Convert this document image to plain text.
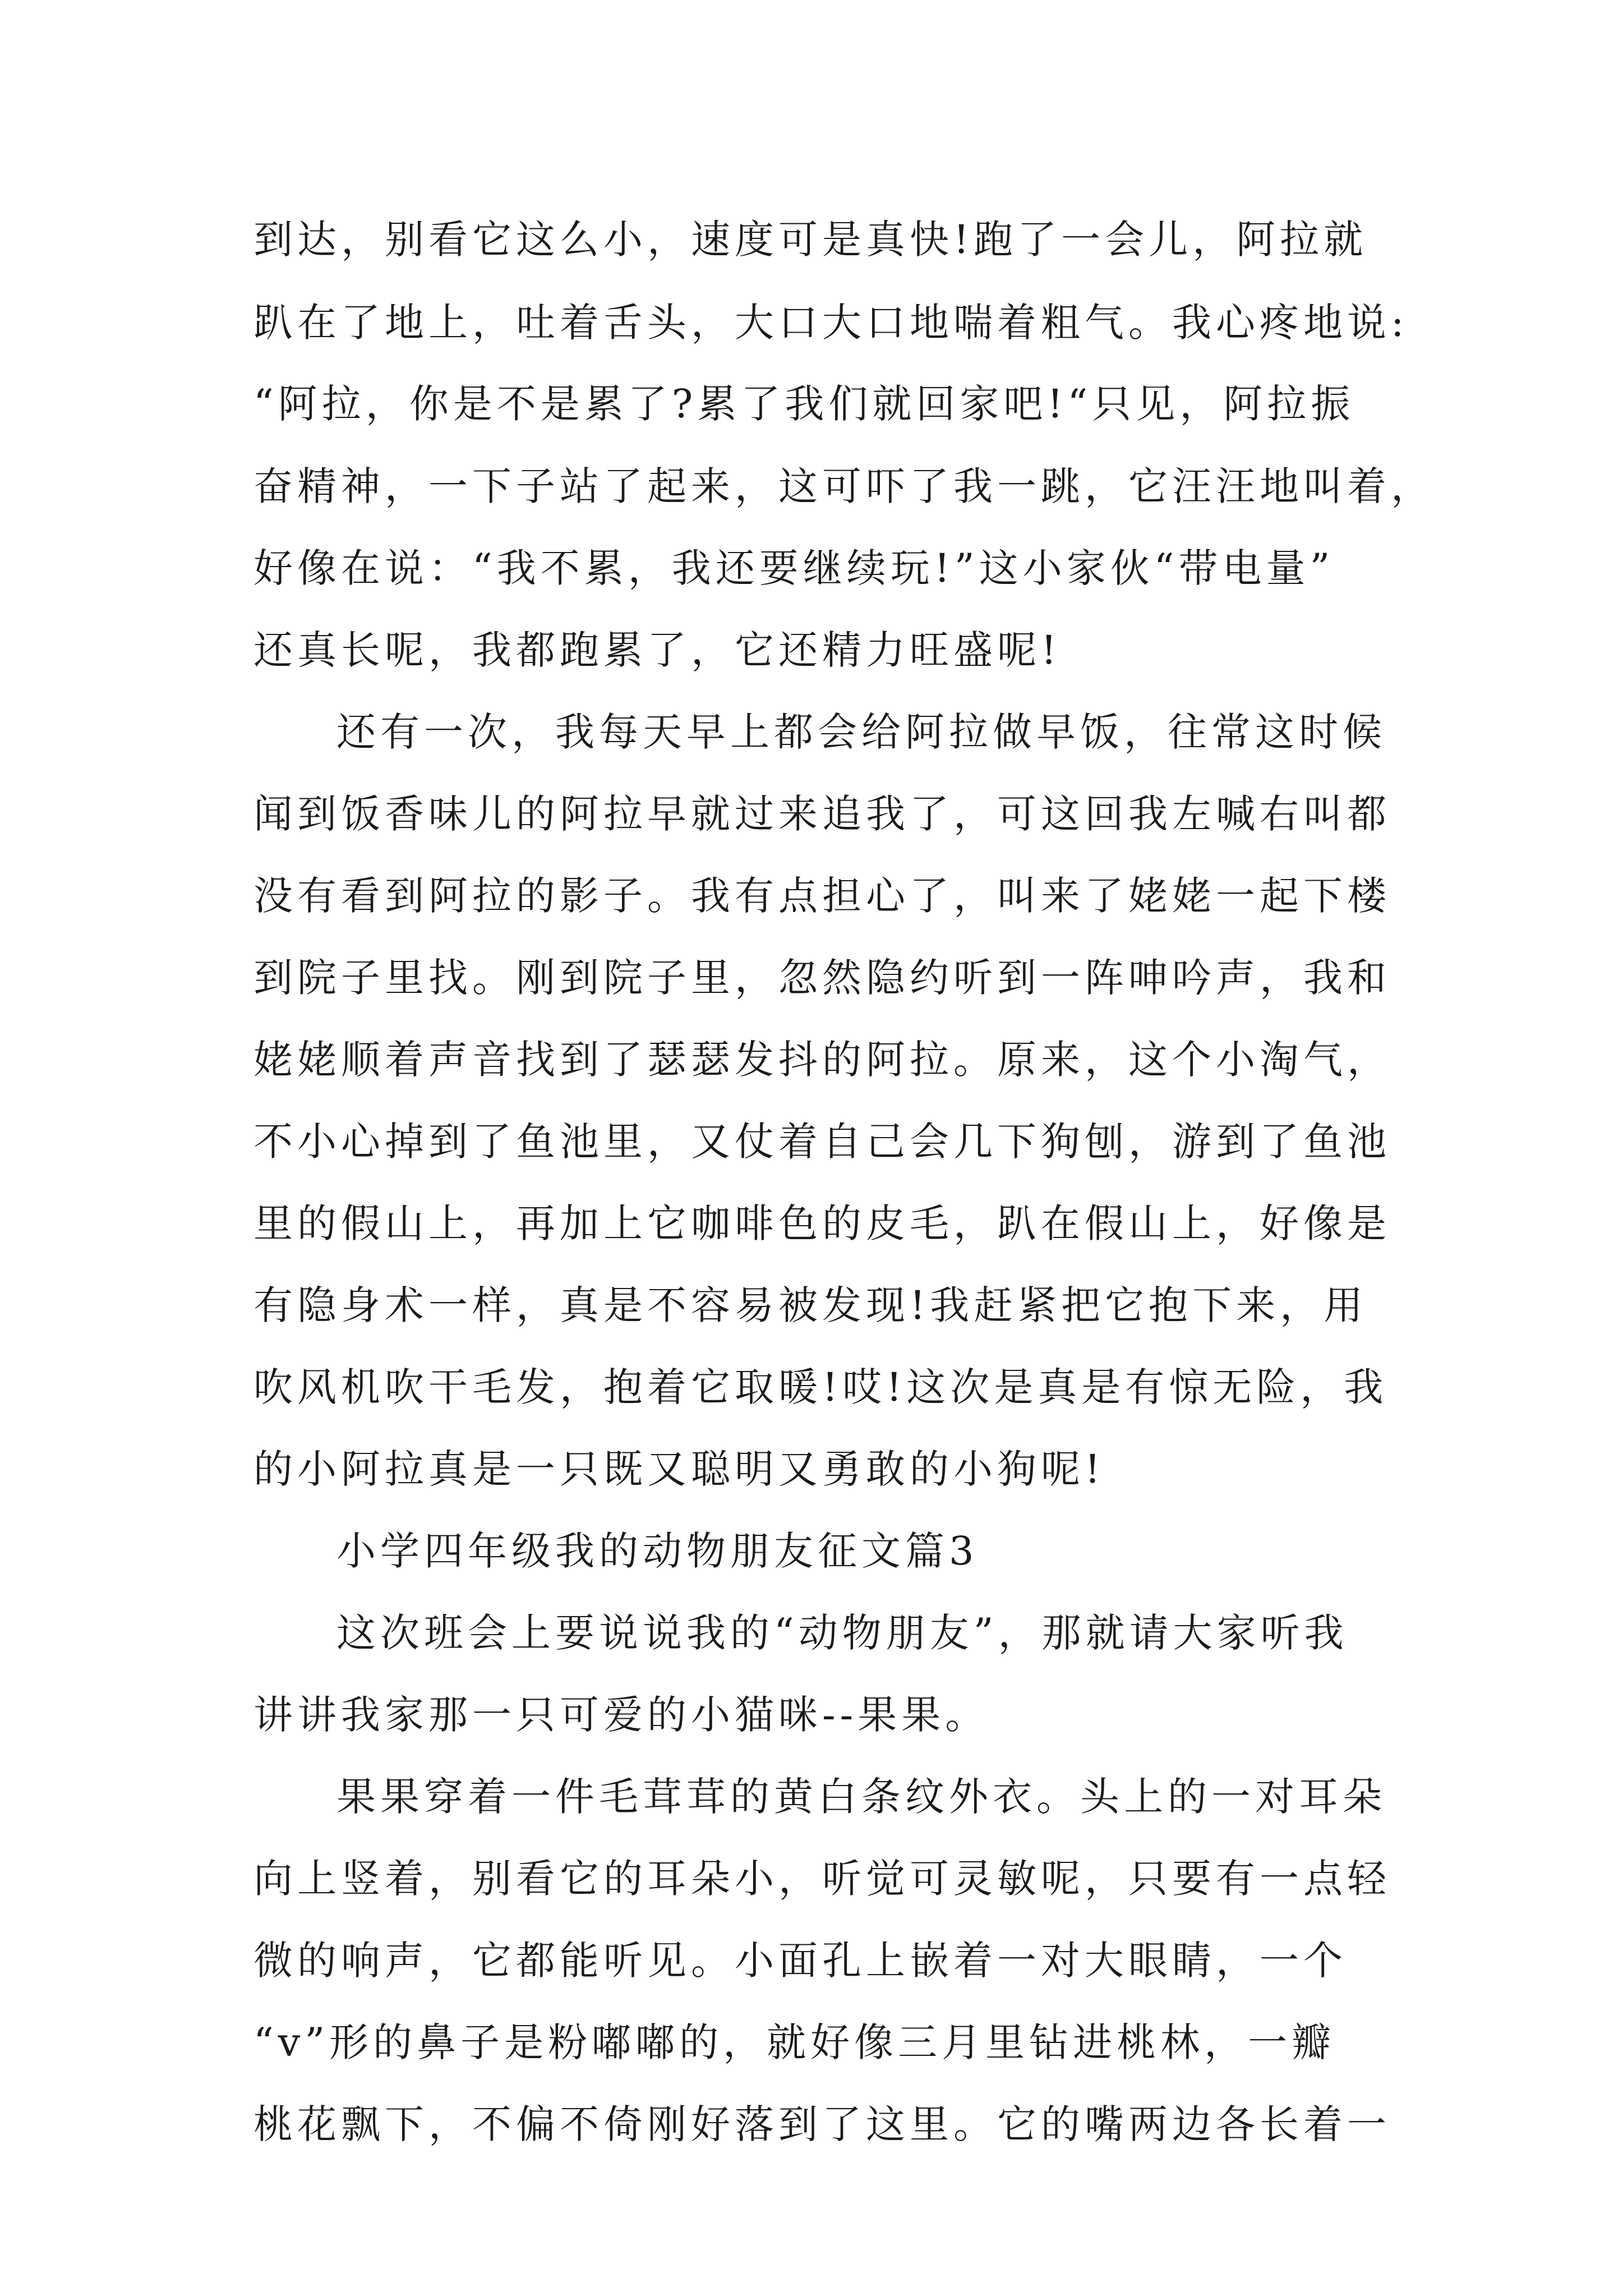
到达，别看它这么小，速度可是真快!跑了一会儿，阿拉就
趴在了地上，吐着舌头，大口大口地喘着粗气。我心疼地说:
“阿拉，你是不是累了?累了我们就回家吧!“只见，阿拉振
奋精神，一下子站了起来，这可吓了我一跳，它汪汪地叫着，
好像在说：“我不累，我还要继续玩!”这小家伙“带电量”
还真长呢，我都跑累了，它还精力旺盛呢!
还有一次，我每天早上都会给阿拉做早饭，往常这时候
闻到饭香味儿的阿拉早就过来追我了，可这回我左喊右叫都
没有看到阿拉的影子。我有点担心了，叫来了姥姥一起下楼
到院子里找。刚到院子里，忽然隐约听到一阵呻吟声，我和
姥姥顺着声音找到了瑟瑟发抖的阿拉。原来，这个小淘气，
不小心掉到了鱼池里，又仗着自己会几下狗刨，游到了鱼池
里的假山上，再加上它咖啡色的皮毛，趴在假山上，好像是
有隐身术一样，真是不容易被发现!我赶紧把它抱下来，用
吹风机吹干毛发，抱着它取暖!哎!这次是真是有惊无险，我
的小阿拉真是一只既又聪明又勇敢的小狗呢!
小学四年级我的动物朋友征文篇3
这次班会上要说说我的“动物朋友”，那就请大家听我
讲讲我家那一只可爱的小猫咪--果果。
果果穿着一件毛茸茸的黄白条纹外衣。头上的一对耳朵
向上竖着，别看它的耳朵小，听觉可灵敏呢，只要有一点轻
微的响声，它都能听见。小面孔上嵌着一对大眼睛，一个
“v”形的鼻子是粉嘟嘟的，就好像三月里钻进桃林，一瓣
桃花飘下，不偏不倚刚好落到了这里。它的嘴两边各长着一
